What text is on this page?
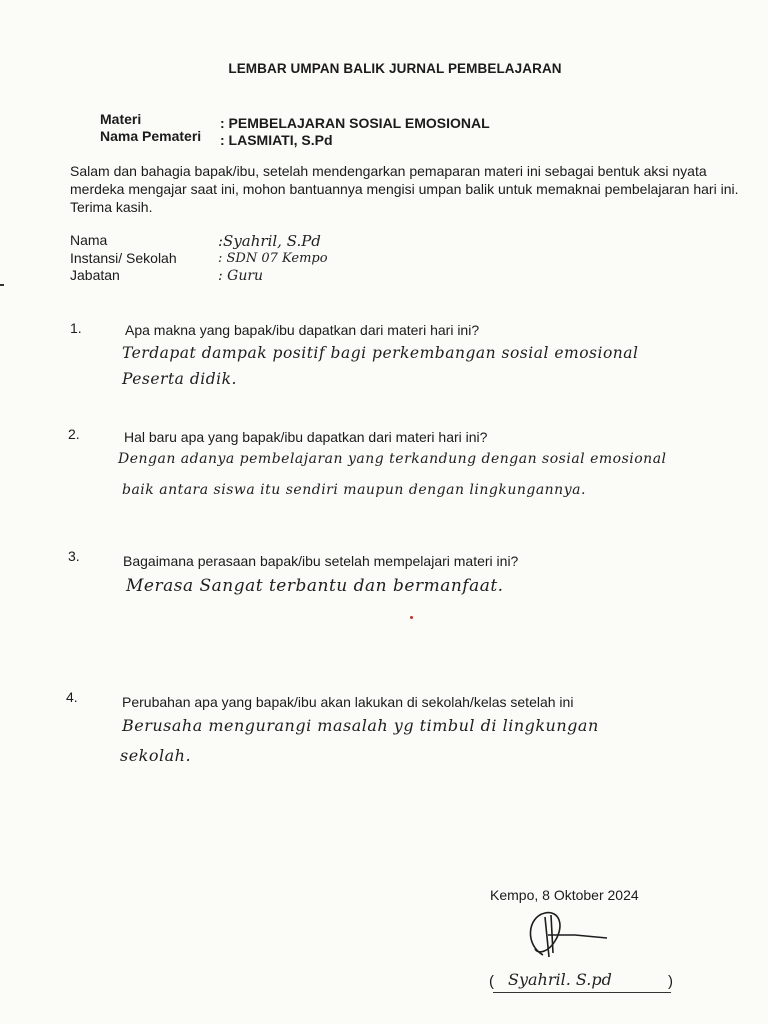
LEMBAR UMPAN BALIK JURNAL PEMBELAJARAN
Materi	: PEMBELAJARAN SOSIAL EMOSIONAL
Nama Pemateri : LASMIATI, S.Pd
Salam dan bahagia bapak/ibu, setelah mendengarkan pemaparan materi ini sebagai bentuk aksi nyata merdeka mengajar saat ini, mohon bantuannya mengisi umpan balik untuk memaknai pembelajaran hari ini. Terima kasih.
Nama	:Syahril, S.Pd
Instansi/ Sekolah	: SDN 07 Kempo
Jabatan	: Guru
1.	Apa makna yang bapak/ibu dapatkan dari materi hari ini?
Terdapat dampak positif bagi perkembangan sosial emosional
Peserta didik.
2.	Hal baru apa yang bapak/ibu dapatkan dari materi hari ini?
Dengan adanya pembelajaran yang terkandung dengan sosial emosional
baik antara siswa itu sendiri maupun dengan lingkungannya.
3.	Bagaimana perasaan bapak/ibu setelah mempelajari materi ini?
Merasa Sangat terbantu dan bermanfaat.
4.	Perubahan apa yang bapak/ibu akan lakukan di sekolah/kelas setelah ini
Berusaha mengurangi masalah yg timbul di lingkungan
sekolah.
Kempo, 8 Oktober 2024
( Syahril. S.pd	)
